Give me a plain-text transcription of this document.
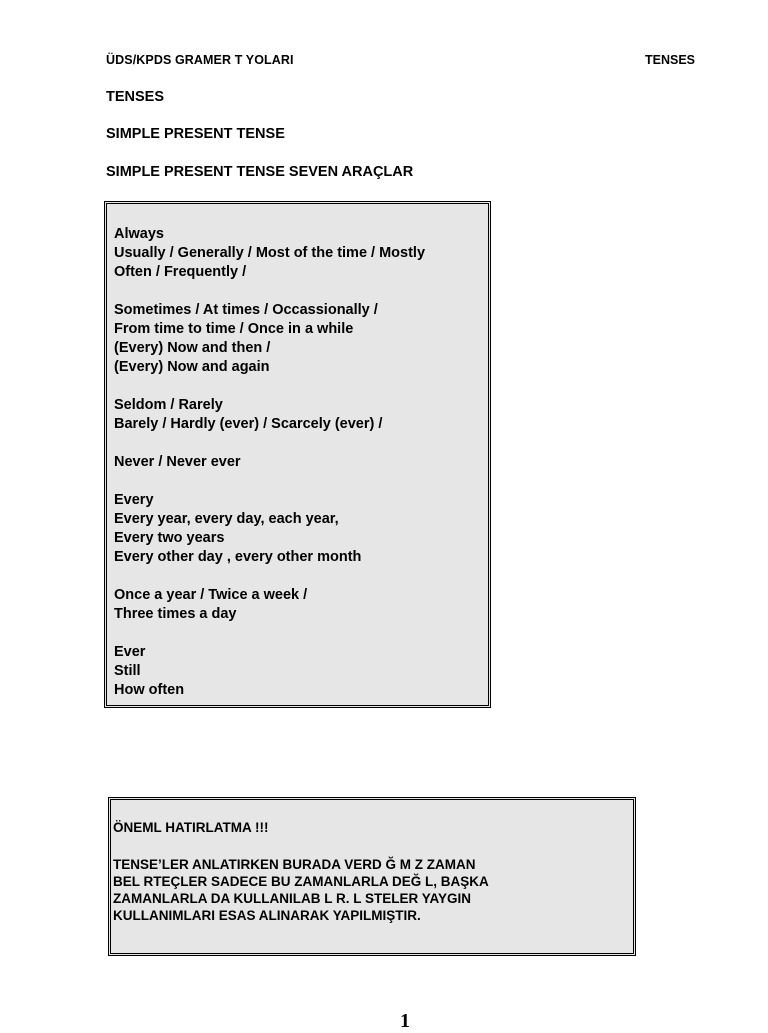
ÜDS/KPDS GRAMER T YOLARI	TENSES
TENSES
SIMPLE PRESENT TENSE
SIMPLE PRESENT TENSE SEVEN ARAÇLAR
Always
Usually / Generally / Most of the time / Mostly
Often / Frequently /
Sometimes / At times / Occassionally /
From time to time / Once in a while
(Every) Now and then /
(Every) Now and again
Seldom / Rarely
Barely / Hardly (ever) / Scarcely (ever) /
Never / Never ever
Every
Every year, every day, each year,
Every two years
Every other day , every other month
Once a year / Twice a week /
Three times a day
Ever
Still
How often
ÖNEML HATIRLATMA !!!
TENSE’LER ANLATIRKEN BURADA VERD Ğ M Z ZAMAN
BEL RTEÇLER SADECE BU ZAMANLARLA DEĞ L, BAŞKA
ZAMANLARLA DA KULLANILAB L R. L STELER YAYGIN
KULLANIMLARI ESAS ALINARAK YAPILMIŞTIR.
1
